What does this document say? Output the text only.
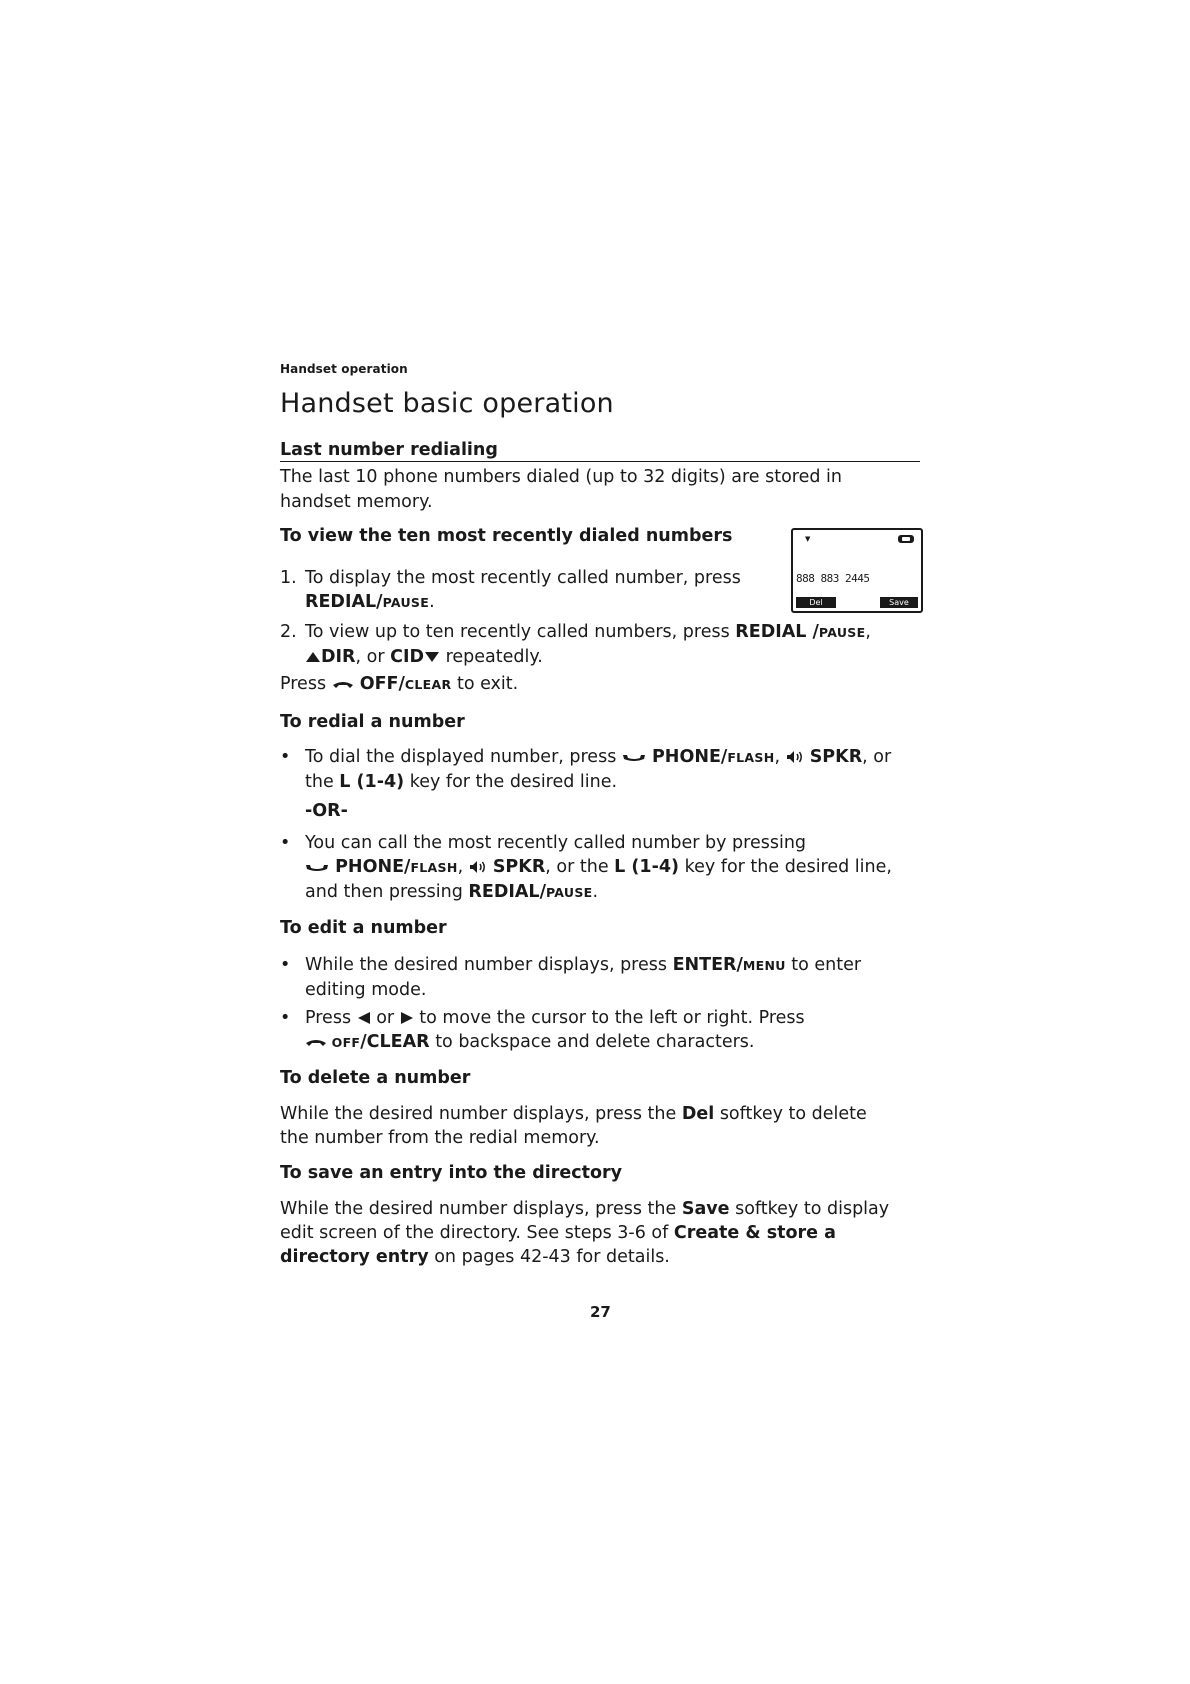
Handset operation
Handset basic operation
Last number redialing
The last 10 phone numbers dialed (up to 32 digits) are stored in
handset memory.
To view the ten most recently dialed numbers	▼
888 883 2445
Del	Save
1. To display the most recently called number, press
REDIAL/PAUSE.
2. To view up to ten recently called numbers, press REDIAL /PAUSE,
DIR, or CID repeatedly.
Press  OFF/CLEAR to exit.
To redial a number
• To dial the displayed number, press  PHONE/FLASH,  SPKR, or
the L (1-4) key for the desired line.
-OR-
• You can call the most recently called number by pressing
PHONE/FLASH,  SPKR, or the L (1-4) key for the desired line,
and then pressing REDIAL/PAUSE.
To edit a number
• While the desired number displays, press ENTER/MENU to enter
editing mode.
• Press  or  to move the cursor to the left or right. Press
OFF/CLEAR to backspace and delete characters.
To delete a number
While the desired number displays, press the Del softkey to delete
the number from the redial memory.
To save an entry into the directory
While the desired number displays, press the Save softkey to display
edit screen of the directory. See steps 3-6 of Create & store a
directory entry on pages 42-43 for details.
27
